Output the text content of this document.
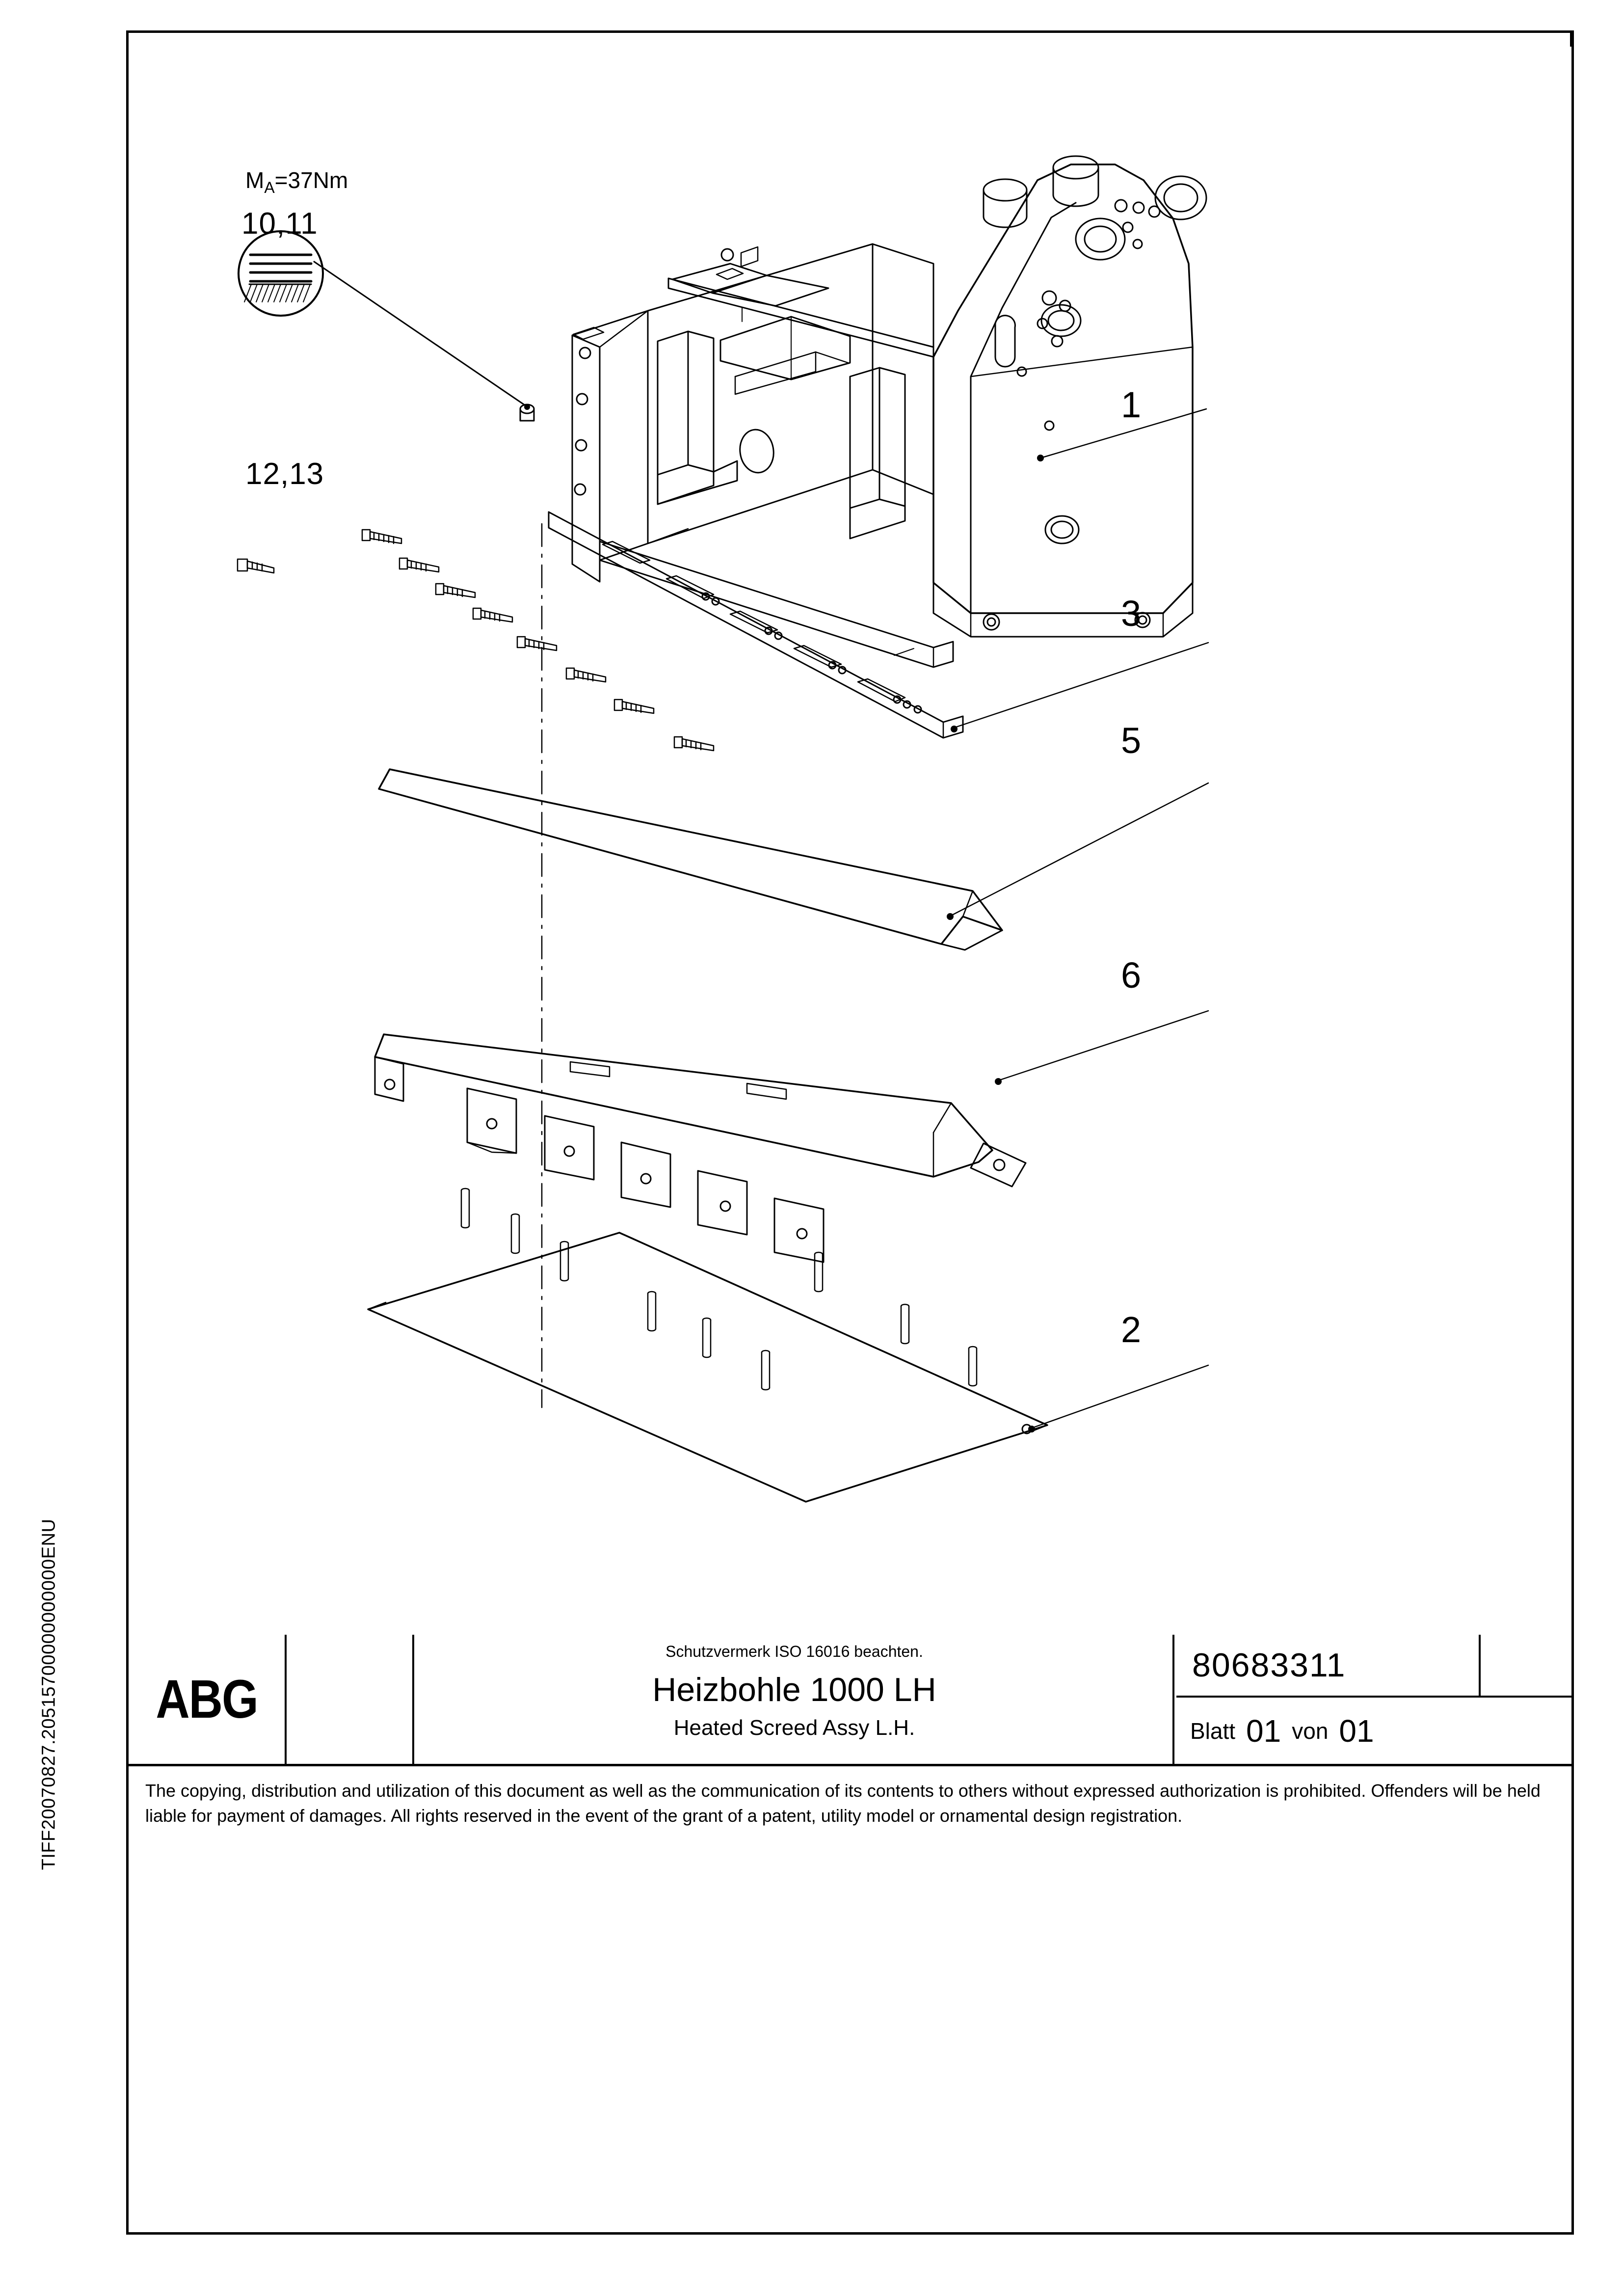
TIFF20070827.20515700000000000ENU
$M_A=37Nm$
10,11
12,13
1
3
5
6
2
ABG
Schutzvermerk ISO 16016 beachten.
Heizbohle 1000 LH
Heated Screed Assy L.H.
80683311
Blatt 01 von 01
The copying, distribution and utilization of this document as well as the communication of its contents to others without expressed authorization is prohibited. Offenders will be held liable for payment of damages. All rights reserved in the event of the grant of a patent, utility model or ornamental design registration.
